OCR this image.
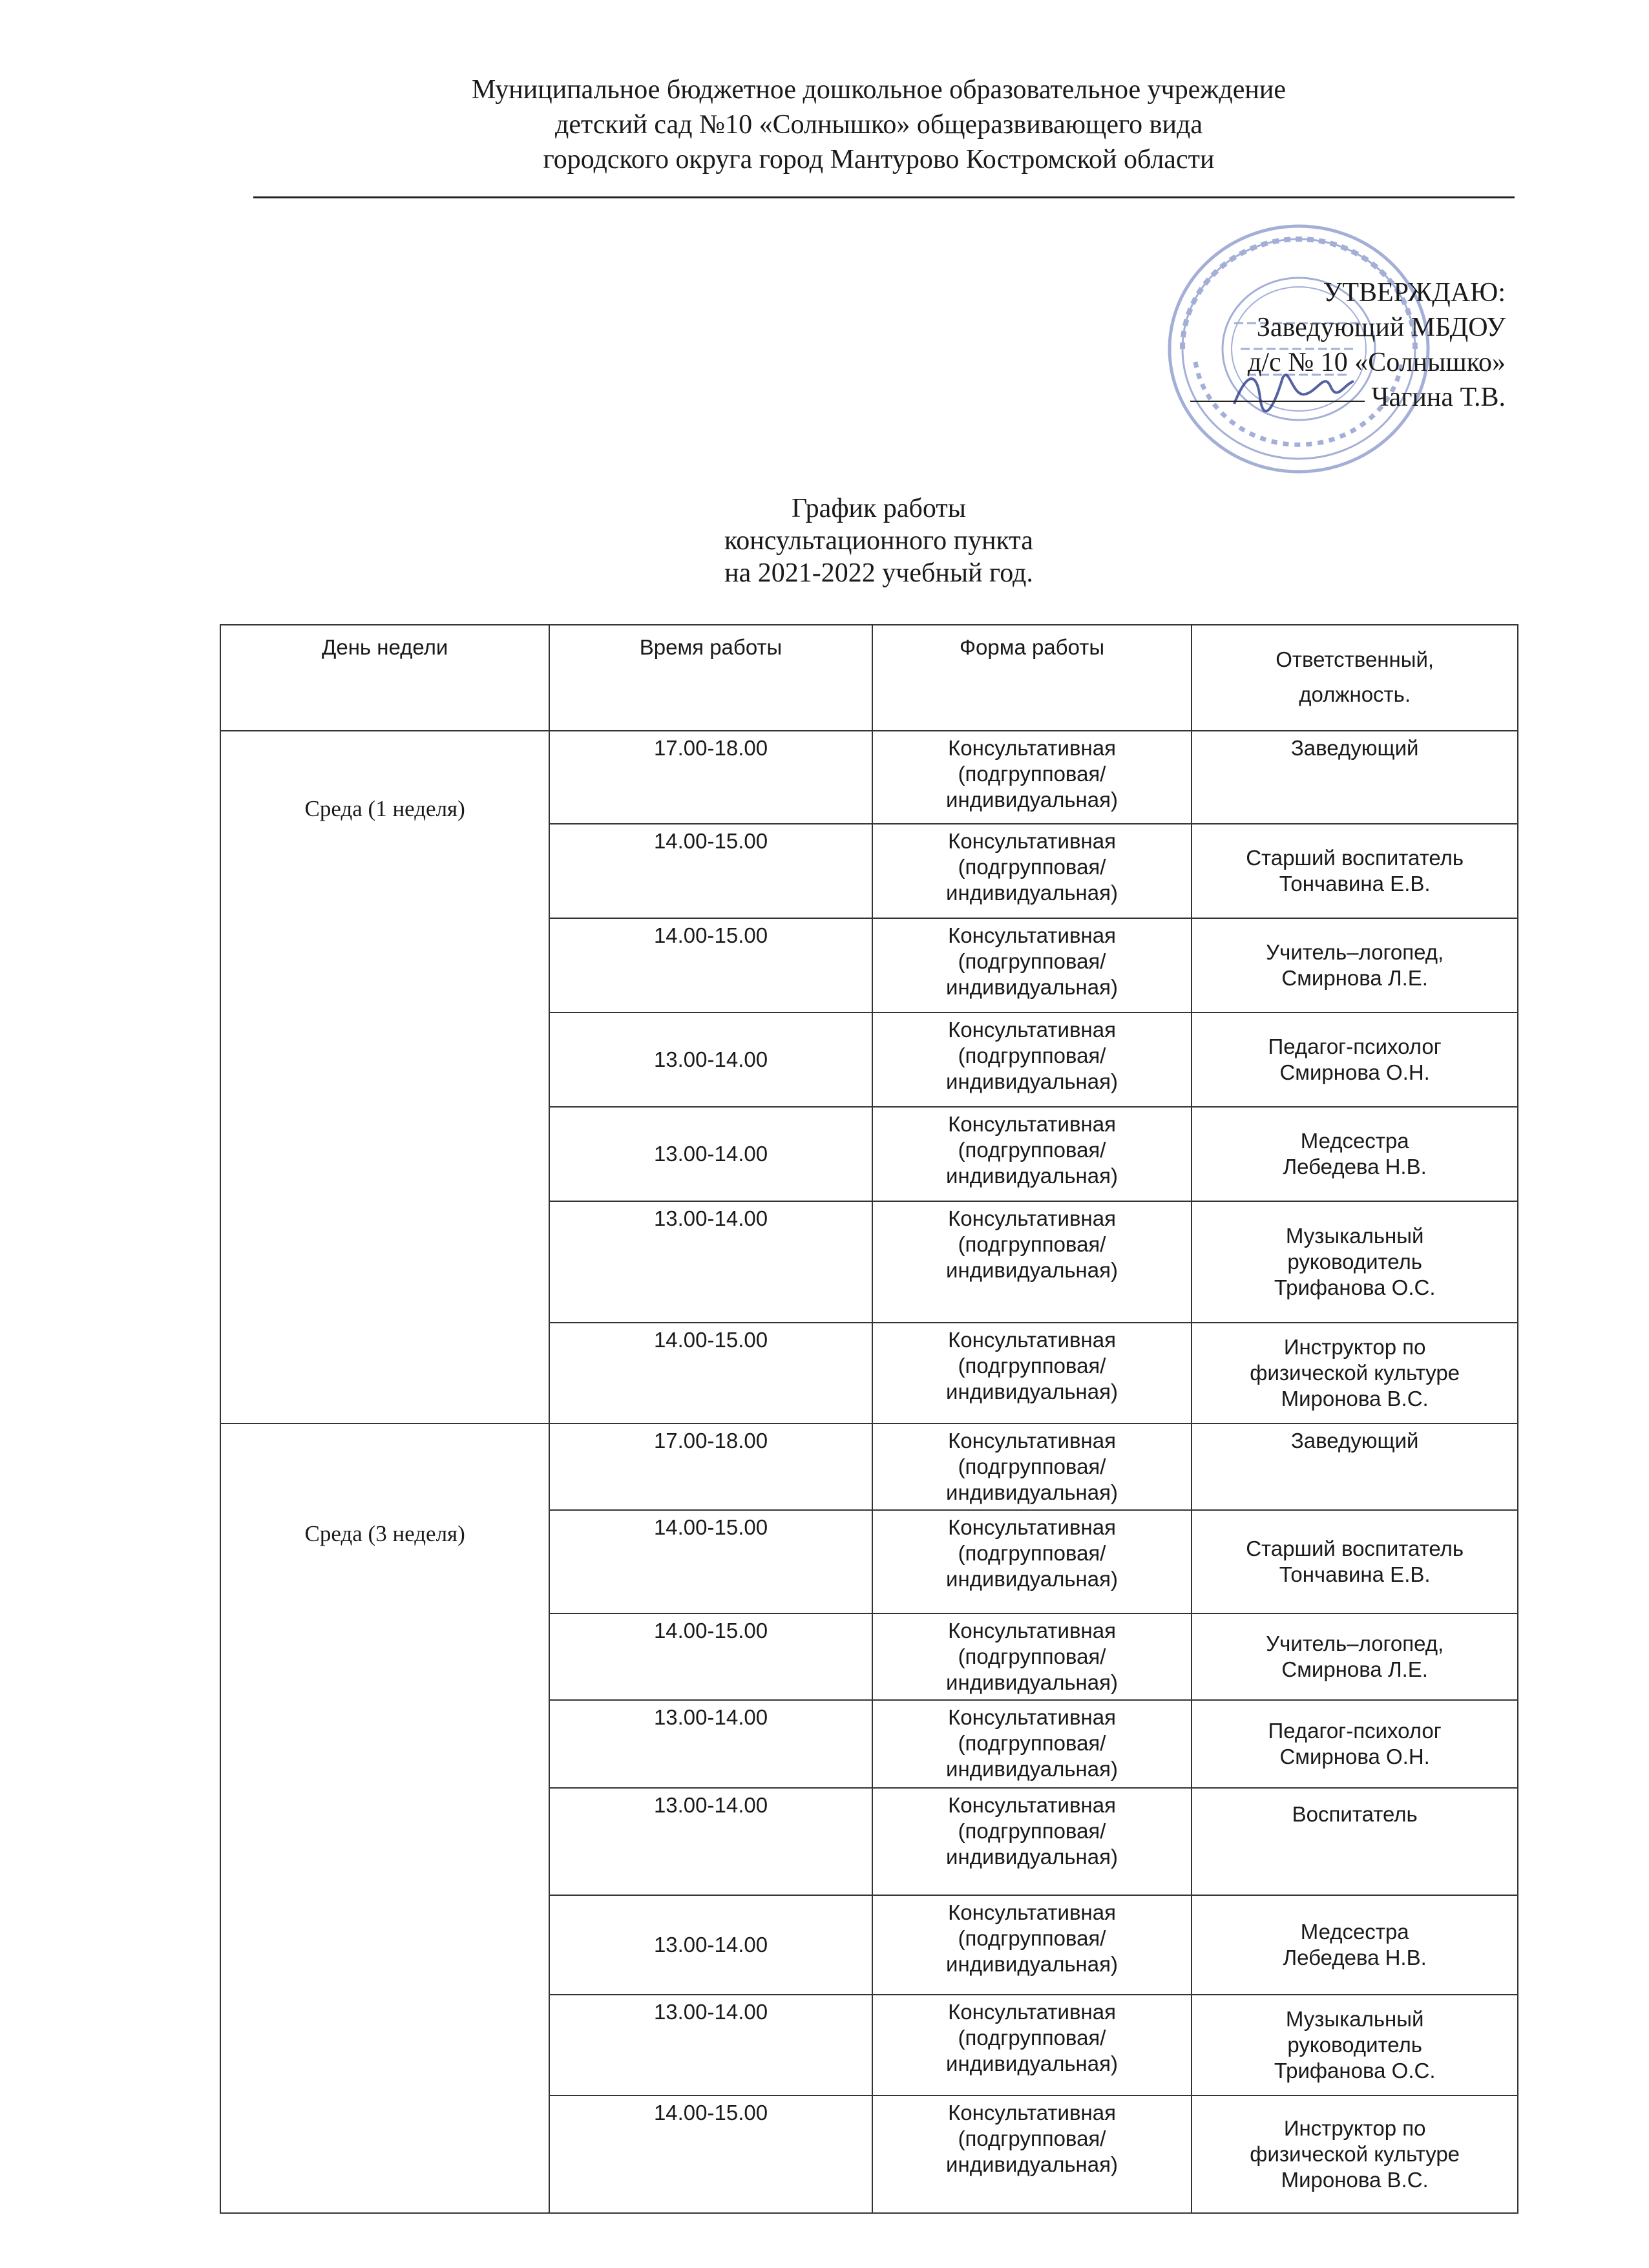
Муниципальное бюджетное дошкольное образовательное учреждение
детский сад №10 «Солнышко» общеразвивающего вида
городского округа город Мантурово Костромской области
УТВЕРЖДАЮ:
Заведующий МБДОУ
д/с № 10 «Солнышко»
Чагина Т.В.
График работы
консультационного пункта
на 2021-2022 учебный год.
День недели	Время работы	Форма работы	Ответственный, должность.
Среда (1 неделя)	17.00-18.00	Консультативная
(подгрупповая/
индивидуальная)	Заведующий

	14.00-15.00	Консультативная
(подгрупповая/
индивидуальная)	Старший воспитатель
Тончавина Е.В.

	14.00-15.00	Консультативная
(подгрупповая/
индивидуальная)	Учитель–логопед,
Смирнова Л.Е.

	13.00-14.00	Консультативная
(подгрупповая/
индивидуальная)	Педагог-психолог
Смирнова О.Н.

	13.00-14.00	Консультативная
(подгрупповая/
индивидуальная)	Медсестра
Лебедева Н.В.

	13.00-14.00	Консультативная
(подгрупповая/
индивидуальная)	Музыкальный
руководитель
Трифанова О.С.

	14.00-15.00	Консультативная
(подгрупповая/
индивидуальная)	Инструктор по
физической культуре
Миронова В.С.

Среда (3 неделя)	17.00-18.00	Консультативная
(подгрупповая/
индивидуальная)	Заведующий

	14.00-15.00	Консультативная
(подгрупповая/
индивидуальная)	Старший воспитатель
Тончавина Е.В.

	14.00-15.00	Консультативная
(подгрупповая/
индивидуальная)	Учитель–логопед,
Смирнова Л.Е.

	13.00-14.00	Консультативная
(подгрупповая/
индивидуальная)	Педагог-психолог
Смирнова О.Н.

	13.00-14.00	Консультативная
(подгрупповая/
индивидуальная)	Воспитатель

	13.00-14.00	Консультативная
(подгрупповая/
индивидуальная)	Медсестра
Лебедева Н.В.

	13.00-14.00	Консультативная
(подгрупповая/
индивидуальная)	Музыкальный
руководитель
Трифанова О.С.

	14.00-15.00	Консультативная
(подгрупповая/
индивидуальная)	Инструктор по
физической культуре
Миронова В.С.
